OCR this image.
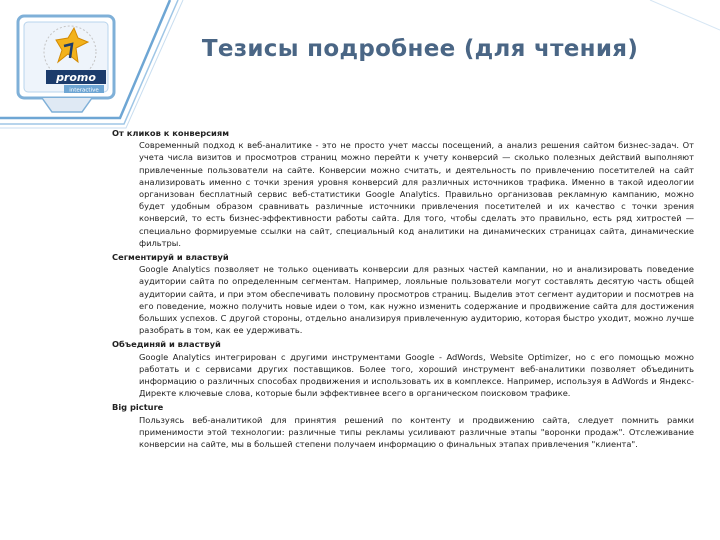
promo
interactive
Тезисы подробнее (для чтения)
От кликов к конверсиям
Современный подход к веб-аналитике - это не просто учет массы посещений, а анализ решения сайтом бизнес-задач. От учета числа визитов и просмотров страниц можно перейти к учету конверсий — сколько полезных действий выполняют привлеченные пользователи на сайте. Конверсии можно считать, и деятельность по привлечению посетителей на сайт анализировать именно с точки зрения уровня конверсий для различных источников трафика. Именно в такой идеологии организован бесплатный сервис веб-статистики Google Analytics. Правильно организовав рекламную кампанию, можно будет удобным образом сравнивать различные источники привлечения посетителей и их качество с точки зрения конверсий, то есть бизнес-эффективности работы сайта. Для того, чтобы сделать это правильно, есть ряд хитростей — специально формируемые ссылки на сайт, специальный код аналитики на динамических страницах сайта, динамические фильтры.
Сегментируй и властвуй
Google Analytics позволяет не только оценивать конверсии для разных частей кампании, но и анализировать поведение аудитории сайта по определенным сегментам. Например, лояльные пользователи могут составлять десятую часть общей аудитории сайта, и при этом обеспечивать половину просмотров страниц. Выделив этот сегмент аудитории и посмотрев на его поведение, можно получить новые идеи о том, как нужно изменить содержание и продвижение сайта для достижения больших успехов. С другой стороны, отдельно анализируя привлеченную аудиторию, которая быстро уходит, можно лучше разобрать в том, как ее удерживать.
Объединяй и властвуй
Google Analytics интегрирован с другими инструментами Google - AdWords, Website Optimizer, но с его помощью можно работать и с сервисами других поставщиков. Более того, хороший инструмент веб-аналитики позволяет объединить информацию о различных способах продвижения и использовать их в комплексе. Например, используя в AdWords и Яндекс-Директе ключевые слова, которые были эффективнее всего в органическом поисковом трафике.
Big picture
Пользуясь веб-аналитикой для принятия решений по контенту и продвижению сайта, следует помнить рамки применимости этой технологии: различные типы рекламы усиливают различные этапы "воронки продаж". Отслеживание конверсии на сайте, мы в большей степени получаем информацию о финальных этапах привлечения "клиента".
